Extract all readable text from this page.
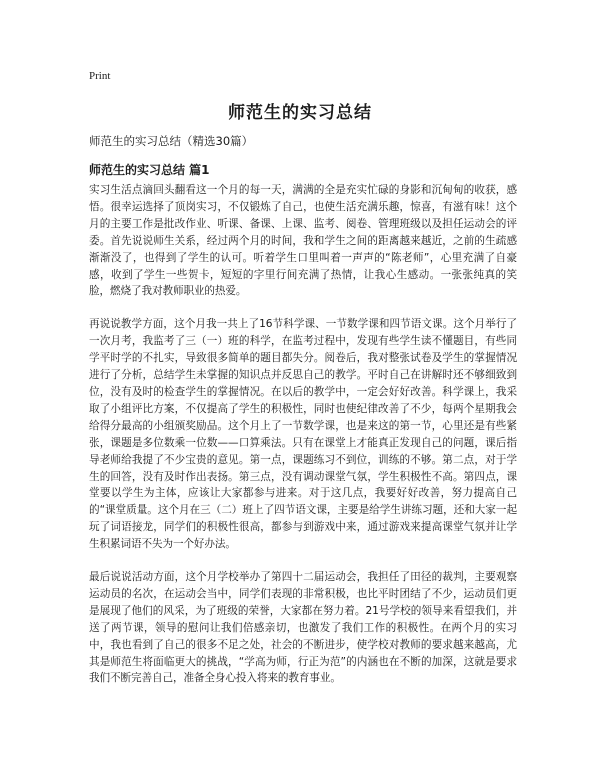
Print
师范生的实习总结
师范生的实习总结（精选30篇）
师范生的实习总结 篇1

实习生活点滴回头翻看这一个月的每一天，满满的全是充实忙碌的身影和沉甸甸的收获，感悟。很幸运选择了顶岗实习，不仅锻炼了自己，也使生活充满乐趣，惊喜，有滋有味！这个月的主要工作是批改作业、听课、备课、上课、监考、阅卷、管理班级以及担任运动会的评委。首先说说师生关系，经过两个月的时间，我和学生之间的距离越来越近，之前的生疏感渐渐没了，也得到了学生的认可。听着学生口里叫着一声声的“陈老师”，心里充满了自豪感，收到了学生一些贺卡，短短的字里行间充满了热情，让我心生感动。一张张纯真的笑脸，燃烧了我对教师职业的热爱。

再说说教学方面，这个月我一共上了16节科学课、一节数学课和四节语文课。这个月举行了一次月考，我监考了三（一）班的科学，在监考过程中，发现有些学生读不懂题目，有些同学平时学的不扎实，导致很多简单的题目都失分。阅卷后，我对整张试卷及学生的掌握情况进行了分析，总结学生未掌握的知识点并反思自己的教学。平时自己在讲解时还不够细致到位，没有及时的检查学生的掌握情况。在以后的教学中，一定会好好改善。科学课上，我采取了小组评比方案，不仅提高了学生的积极性，同时也使纪律改善了不少，每两个星期我会给得分最高的小组颁奖励品。这个月上了一节数学课，也是来这的第一节，心里还是有些紧张，课题是多位数乘一位数——口算乘法。只有在课堂上才能真正发现自己的问题，课后指导老师给我提了不少宝贵的意见。第一点，课题练习不到位，训练的不够。第二点，对于学生的回答，没有及时作出表扬。第三点，没有调动课堂气氛，学生积极性不高。第四点，课堂要以学生为主体，应该让大家都参与进来。对于这几点，我要好好改善，努力提高自己的“课堂质量。这个月在三（二）班上了四节语文课，主要是给学生讲练习题，还和大家一起玩了词语接龙，同学们的积极性很高，都参与到游戏中来，通过游戏来提高课堂气氛并让学生积累词语不失为一个好办法。

最后说说活动方面，这个月学校举办了第四十二届运动会，我担任了田径的裁判，主要观察运动员的名次，在运动会当中，同学们表现的非常积极，也比平时团结了不少，运动员们更是展现了他们的风采，为了班级的荣誉，大家都在努力着。21号学校的领导来看望我们，并送了两节课，领导的慰问让我们倍感亲切，也激发了我们工作的积极性。在两个月的实习中，我也看到了自己的很多不足之处，社会的不断进步，使学校对教师的要求越来越高，尤其是师范生将面临更大的挑战，“学高为师，行正为范”的内涵也在不断的加深，这就是要求我们不断完善自己，准备全身心投入将来的教育事业。
